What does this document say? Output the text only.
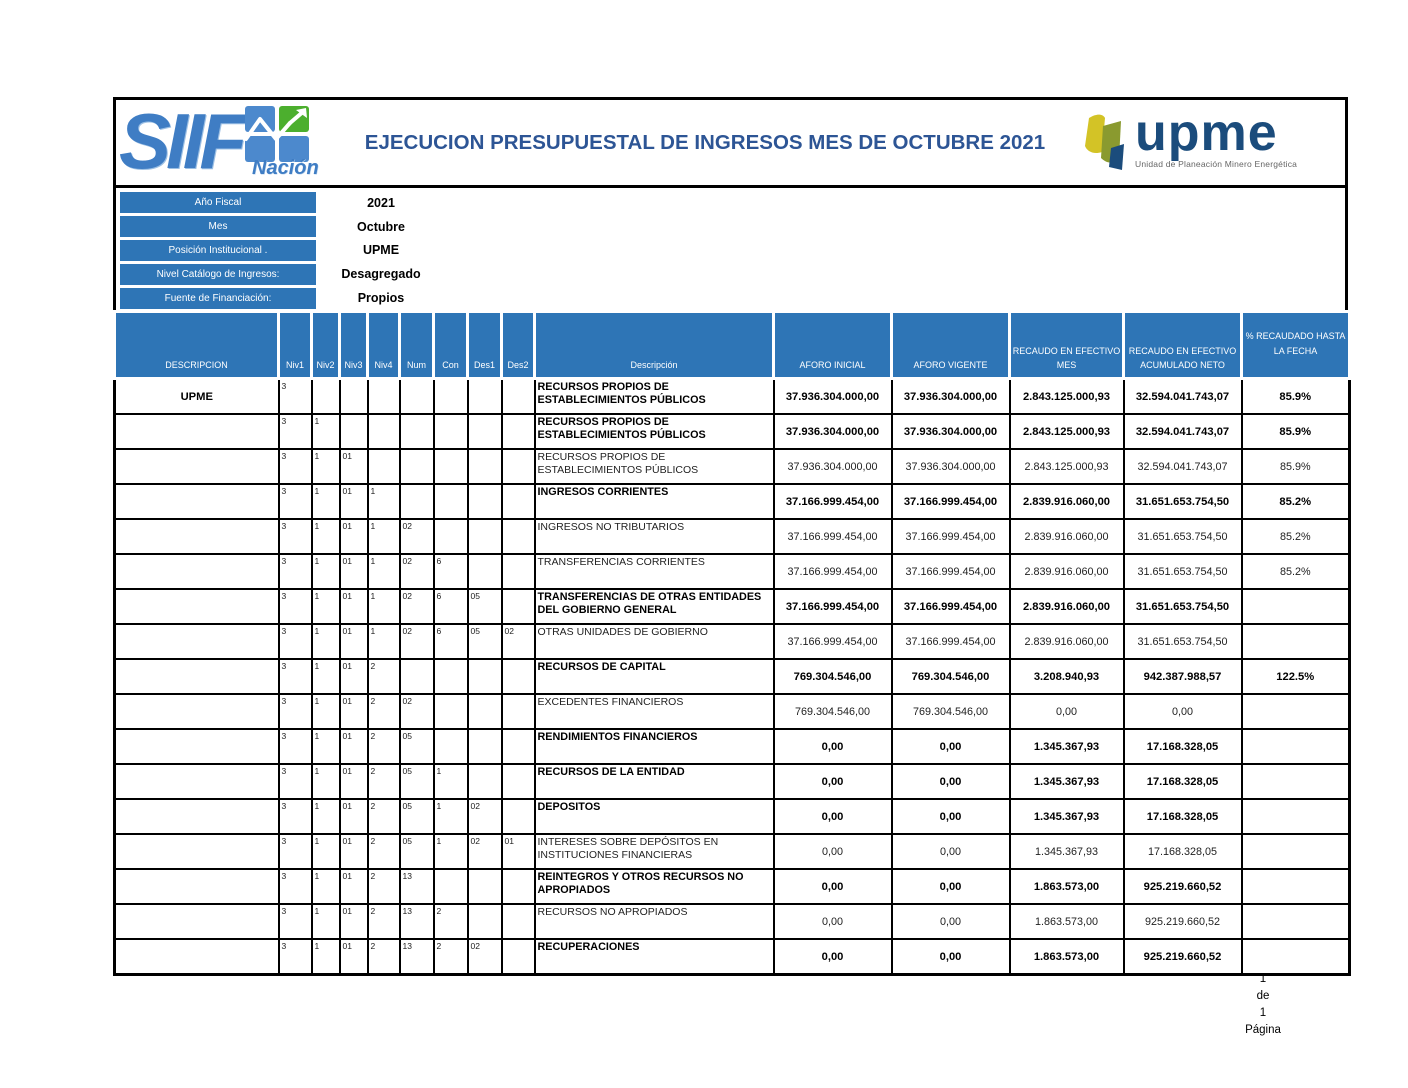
SIIF Nación
EJECUCION PRESUPUESTAL DE INGRESOS MES DE OCTUBRE 2021	upme
Unidad de Planeación Minero Energética
Año Fiscal	2021
Mes	Octubre
Posición Institucional .	UPME
Nivel Catálogo de Ingresos:	Desagregado
Fuente de Financiación:	Propios
DESCRIPCION	Niv1	Niv2	Niv3	Niv4	Num	Con	Des1	Des2	Descripción	AFORO INICIAL	AFORO VIGENTE	RECAUDO EN EFECTIVO MES	RECAUDO EN EFECTIVO ACUMULADO NETO	% RECAUDADO HASTA LA FECHA
UPME	3								RECURSOS PROPIOS DE ESTABLECIMIENTOS PÚBLICOS	37.936.304.000,00	37.936.304.000,00	2.843.125.000,93	32.594.041.743,07	85.9%
	3	1							RECURSOS PROPIOS DE ESTABLECIMIENTOS PÚBLICOS	37.936.304.000,00	37.936.304.000,00	2.843.125.000,93	32.594.041.743,07	85.9%
	3	1	01						RECURSOS PROPIOS DE ESTABLECIMIENTOS PÚBLICOS	37.936.304.000,00	37.936.304.000,00	2.843.125.000,93	32.594.041.743,07	85.9%
	3	1	01	1					INGRESOS CORRIENTES	37.166.999.454,00	37.166.999.454,00	2.839.916.060,00	31.651.653.754,50	85.2%
	3	1	01	1	02				INGRESOS NO TRIBUTARIOS	37.166.999.454,00	37.166.999.454,00	2.839.916.060,00	31.651.653.754,50	85.2%
	3	1	01	1	02	6			TRANSFERENCIAS CORRIENTES	37.166.999.454,00	37.166.999.454,00	2.839.916.060,00	31.651.653.754,50	85.2%
	3	1	01	1	02	6	05		TRANSFERENCIAS DE OTRAS ENTIDADES DEL GOBIERNO GENERAL	37.166.999.454,00	37.166.999.454,00	2.839.916.060,00	31.651.653.754,50	
	3	1	01	1	02	6	05	02	OTRAS UNIDADES DE GOBIERNO	37.166.999.454,00	37.166.999.454,00	2.839.916.060,00	31.651.653.754,50	
	3	1	01	2					RECURSOS DE CAPITAL	769.304.546,00	769.304.546,00	3.208.940,93	942.387.988,57	122.5%
	3	1	01	2	02				EXCEDENTES FINANCIEROS	769.304.546,00	769.304.546,00	0,00	0,00	
	3	1	01	2	05				RENDIMIENTOS FINANCIEROS	0,00	0,00	1.345.367,93	17.168.328,05	
	3	1	01	2	05	1			RECURSOS DE LA ENTIDAD	0,00	0,00	1.345.367,93	17.168.328,05	
	3	1	01	2	05	1	02		DEPOSITOS	0,00	0,00	1.345.367,93	17.168.328,05	
	3	1	01	2	05	1	02	01	INTERESES SOBRE DEPÓSITOS EN INSTITUCIONES FINANCIERAS	0,00	0,00	1.345.367,93	17.168.328,05	
	3	1	01	2	13				REINTEGROS Y OTROS RECURSOS NO APROPIADOS	0,00	0,00	1.863.573,00	925.219.660,52	
	3	1	01	2	13	2			RECURSOS NO APROPIADOS	0,00	0,00	1.863.573,00	925.219.660,52	
	3	1	01	2	13	2	02		RECUPERACIONES	0,00	0,00	1.863.573,00	925.219.660,52	
1
de
1
Página
